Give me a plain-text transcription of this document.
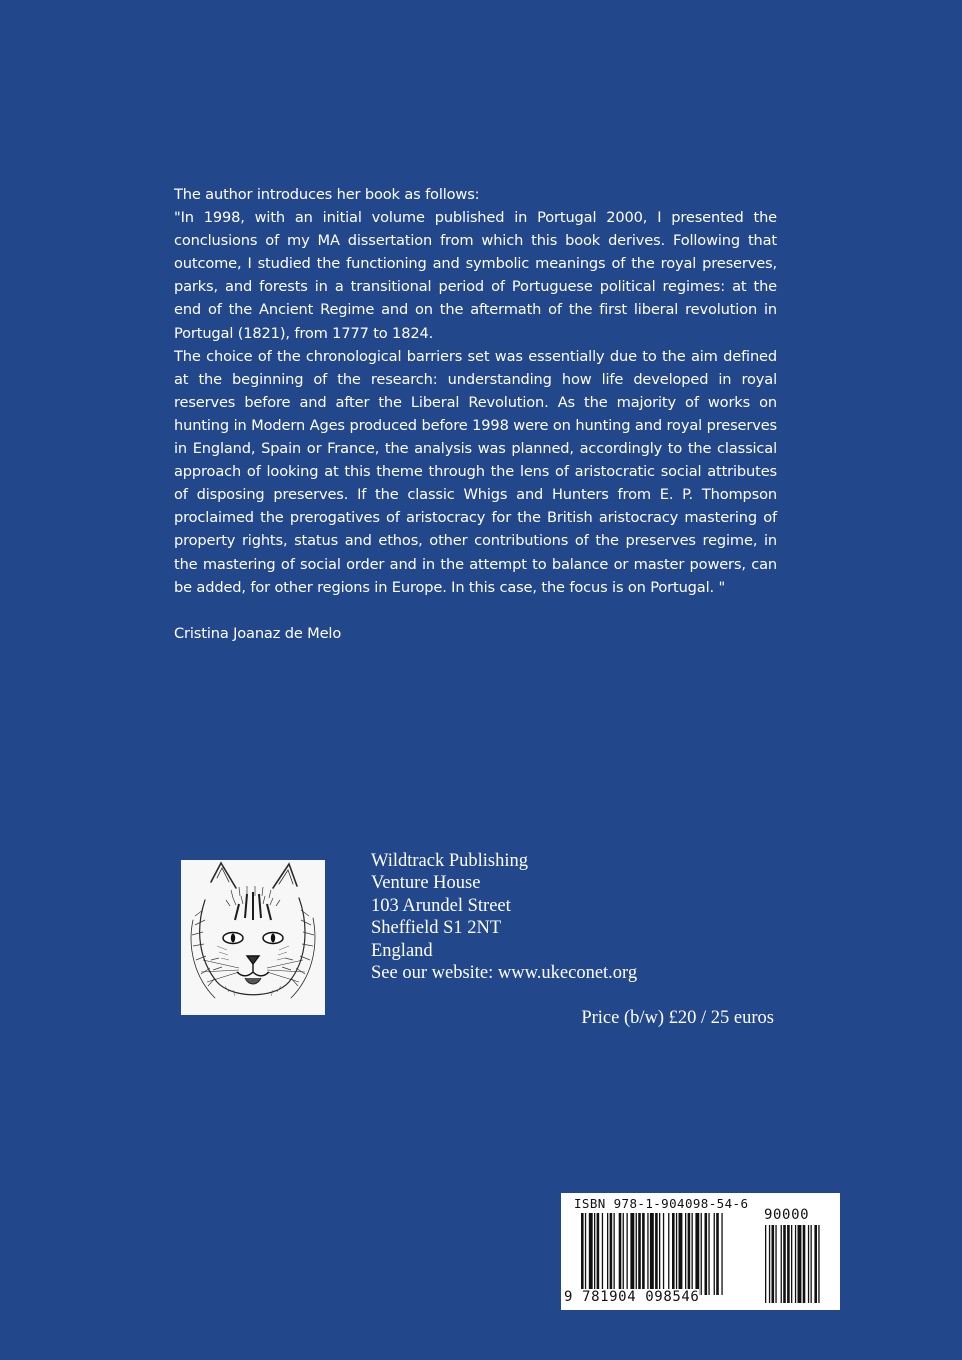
The author introduces her book as follows:

"In 1998, with an initial volume published in Portugal 2000, I presented the conclusions of my MA dissertation from which this book derives. Following that outcome, I studied the functioning and symbolic meanings of the royal preserves, parks, and forests in a transitional period of Portuguese political regimes: at the end of the Ancient Regime and on the aftermath of the first liberal revolution in Portugal (1821), from 1777 to 1824.

The choice of the chronological barriers set was essentially due to the aim defined at the beginning of the research: understanding how life developed in royal reserves before and after the Liberal Revolution. As the majority of works on hunting in Modern Ages produced before 1998 were on hunting and royal preserves in England, Spain or France, the analysis was planned, accordingly to the classical approach of looking at this theme through the lens of aristocratic social attributes of disposing preserves. If the classic Whigs and Hunters from E. P. Thompson proclaimed the prerogatives of aristocracy for the British aristocracy mastering of property rights, status and ethos, other contributions of the preserves regime, in the mastering of social order and in the attempt to balance or master powers, can be added, for other regions in Europe. In this case, the focus is on Portugal. "

Cristina Joanaz de Melo

Wildtrack Publishing
Venture House
103 Arundel Street
Sheffield S1 2NT
England
See our website: www.ukeconet.org
Price (b/w) £20 / 25 euros
ISBN 978-1-904098-54-6
90000
9 781904 098546
